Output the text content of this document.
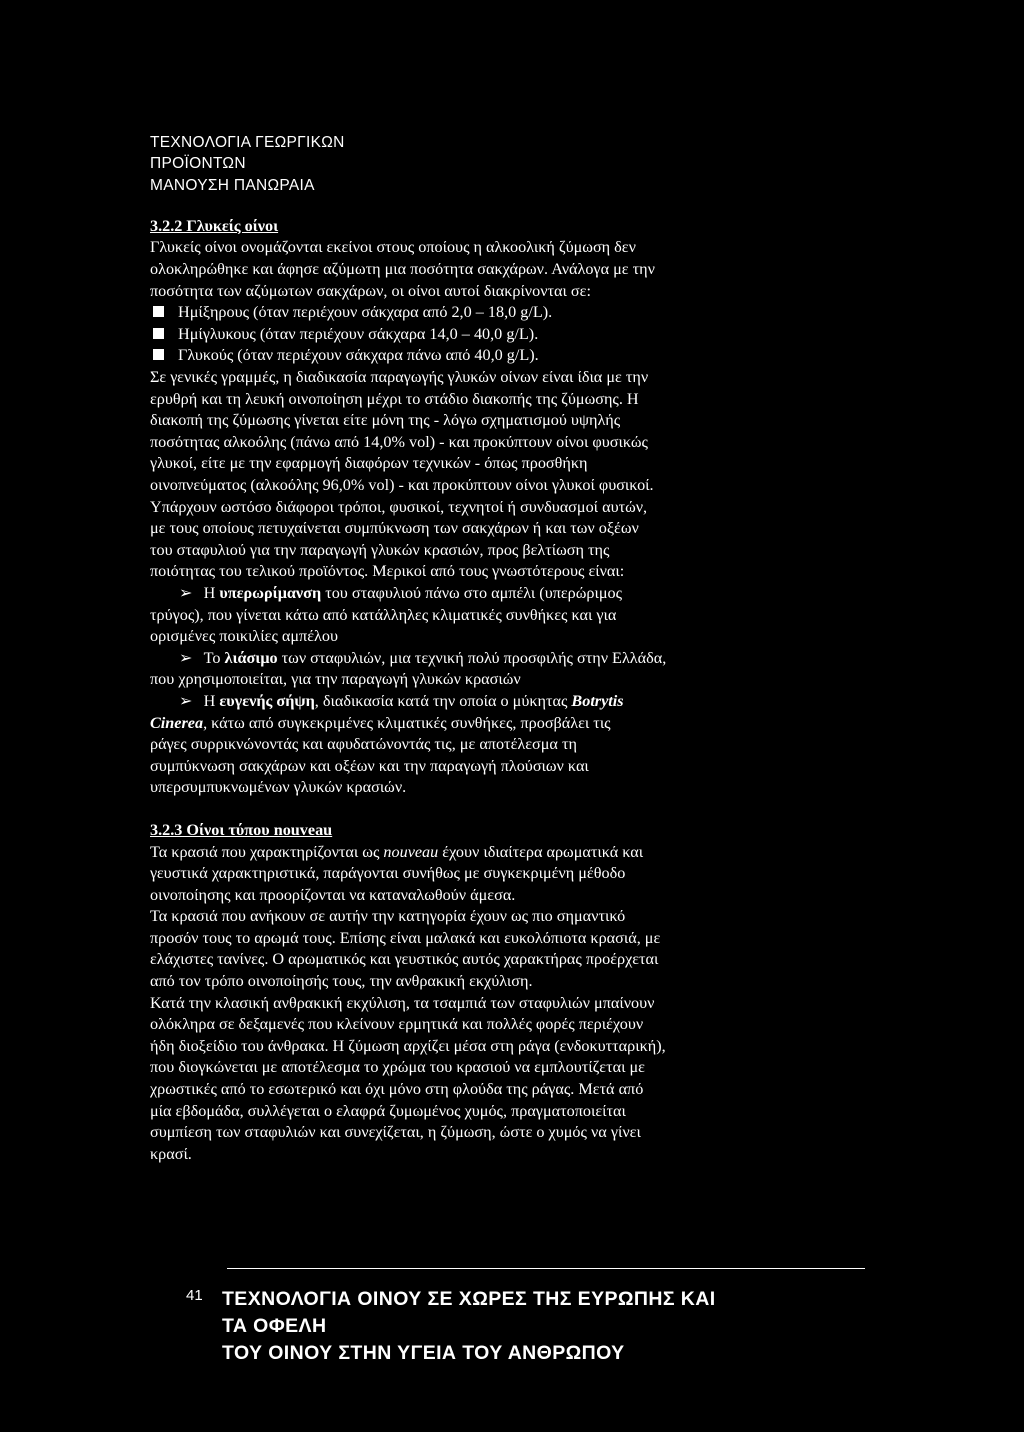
ΤΕΧΝΟΛΟΓΙΑ ΓΕΩΡΓΙΚΩΝ
ΠΡΟΪΟΝΤΩΝ
ΜΑΝΟΥΣΗ ΠΑΝΩΡΑΙΑ
3.2.2 Γλυκείς οίνοι
Γλυκείς οίνοι ονομάζονται εκείνοι στους οποίους η αλκοολική ζύμωση δεν
ολοκληρώθηκε και άφησε αζύμωτη μια ποσότητα σακχάρων. Ανάλογα με την
ποσότητα των αζύμωτων σακχάρων, οι οίνοι αυτοί διακρίνονται σε:
Ημίξηρους (όταν περιέχουν σάκχαρα από 2,0 – 18,0 g/L).
Ημίγλυκους (όταν περιέχουν σάκχαρα 14,0 – 40,0 g/L).
Γλυκούς (όταν περιέχουν σάκχαρα πάνω από 40,0 g/L).
Σε γενικές γραμμές, η διαδικασία παραγωγής γλυκών οίνων είναι ίδια με την
ερυθρή και τη λευκή οινοποίηση μέχρι το στάδιο διακοπής της ζύμωσης. Η
διακοπή της ζύμωσης γίνεται είτε μόνη της - λόγω σχηματισμού υψηλής
ποσότητας αλκοόλης (πάνω από 14,0% vol) - και προκύπτουν οίνοι φυσικώς
γλυκοί, είτε με την εφαρμογή διαφόρων τεχνικών - όπως προσθήκη
οινοπνεύματος (αλκοόλης 96,0% vol) - και προκύπτουν οίνοι γλυκοί φυσικοί.
Υπάρχουν ωστόσο διάφοροι τρόποι, φυσικοί, τεχνητοί ή συνδυασμοί αυτών,
με τους οποίους πετυχαίνεται συμπύκνωση των σακχάρων ή και των οξέων
του σταφυλιού για την παραγωγή γλυκών κρασιών, προς βελτίωση της
ποιότητας του τελικού προϊόντος. Μερικοί από τους γνωστότερους είναι:
➢ Η υπερωρίμανση του σταφυλιού πάνω στο αμπέλι (υπερώριμος
τρύγος), που γίνεται κάτω από κατάλληλες κλιματικές συνθήκες και για
ορισμένες ποικιλίες αμπέλου
➢ Το λιάσιμο των σταφυλιών, μια τεχνική πολύ προσφιλής στην Ελλάδα,
που χρησιμοποιείται, για την παραγωγή γλυκών κρασιών
➢ Η ευγενής σήψη, διαδικασία κατά την οποία ο μύκητας Botrytis
Cinerea, κάτω από συγκεκριμένες κλιματικές συνθήκες, προσβάλει τις
ράγες συρρικνώνοντάς και αφυδατώνοντάς τις, με αποτέλεσμα τη
συμπύκνωση σακχάρων και οξέων και την παραγωγή πλούσιων και
υπερσυμπυκνωμένων γλυκών κρασιών.
3.2.3 Οίνοι τύπου nouveau
Τα κρασιά που χαρακτηρίζονται ως nouveau έχουν ιδιαίτερα αρωματικά και
γευστικά χαρακτηριστικά, παράγονται συνήθως με συγκεκριμένη μέθοδο
οινοποίησης και προορίζονται να καταναλωθούν άμεσα.
Τα κρασιά που ανήκουν σε αυτήν την κατηγορία έχουν ως πιο σημαντικό
προσόν τους το αρωμά τους. Επίσης είναι μαλακά και ευκολόπιοτα κρασιά, με
ελάχιστες τανίνες. Ο αρωματικός και γευστικός αυτός χαρακτήρας προέρχεται
από τον τρόπο οινοποίησής τους, την ανθρακική εκχύλιση.
Κατά την κλασική ανθρακική εκχύλιση, τα τσαμπιά των σταφυλιών μπαίνουν
ολόκληρα σε δεξαμενές που κλείνουν ερμητικά και πολλές φορές περιέχουν
ήδη διοξείδιο του άνθρακα. Η ζύμωση αρχίζει μέσα στη ράγα (ενδοκυτταρική),
που διογκώνεται με αποτέλεσμα το χρώμα του κρασιού να εμπλουτίζεται με
χρωστικές από το εσωτερικό και όχι μόνο στη φλούδα της ράγας. Μετά από
μία εβδομάδα, συλλέγεται ο ελαφρά ζυμωμένος χυμός, πραγματοποιείται
συμπίεση των σταφυλιών και συνεχίζεται, η ζύμωση, ώστε ο χυμός να γίνει
κρασί.
41 ΤΕΧΝΟΛΟΓΙΑ ΟΙΝΟΥ ΣΕ ΧΩΡΕΣ ΤΗΣ ΕΥΡΩΠΗΣ ΚΑΙ
ΤΑ ΟΦΕΛΗ
ΤΟΥ ΟΙΝΟΥ ΣΤΗΝ ΥΓΕΙΑ ΤΟΥ ΑΝΘΡΩΠΟΥ
